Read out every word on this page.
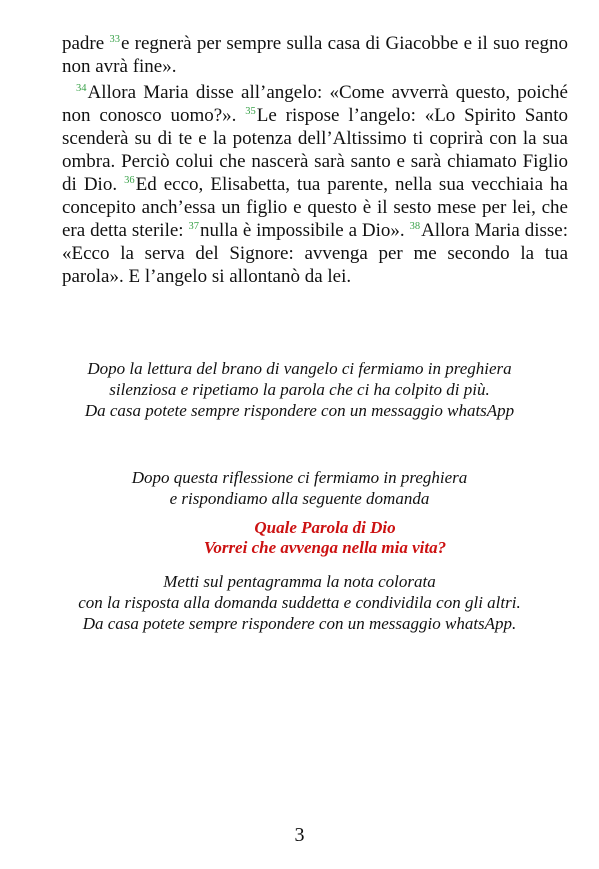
padre $^{33}$e regnerà per sempre sulla casa di Giacobbe e il suo regno non avrà fine».

$^{34}$Allora Maria disse all’angelo: «Come avverrà questo, poiché non conosco uomo?». $^{35}$Le rispose l’angelo: «Lo Spirito Santo scenderà su di te e la potenza dell’Altissimo ti coprirà con la sua ombra. Perciò colui che nascerà sarà santo e sarà chiamato Figlio di Dio. $^{36}$Ed ecco, Elisabetta, tua parente, nella sua vecchiaia ha concepito anch’essa un figlio e questo è il sesto mese per lei, che era detta sterile: $^{37}$nulla è impossibile a Dio». $^{38}$Allora Maria disse: «Ecco la serva del Signore: avvenga per me secondo la tua parola». E l’angelo si allontanò da lei.

Dopo la lettura del brano di vangelo ci fermiamo in preghiera
silenziosa e ripetiamo la parola che ci ha colpito di più.
Da casa potete sempre rispondere con un messaggio whatsApp

Dopo questa riflessione ci fermiamo in preghiera
e rispondiamo alla seguente domanda

Quale Parola di Dio
Vorrei che avvenga nella mia vita?

Metti sul pentagramma la nota colorata
con la risposta alla domanda suddetta e condividila con gli altri.
Da casa potete sempre rispondere con un messaggio whatsApp.

3
